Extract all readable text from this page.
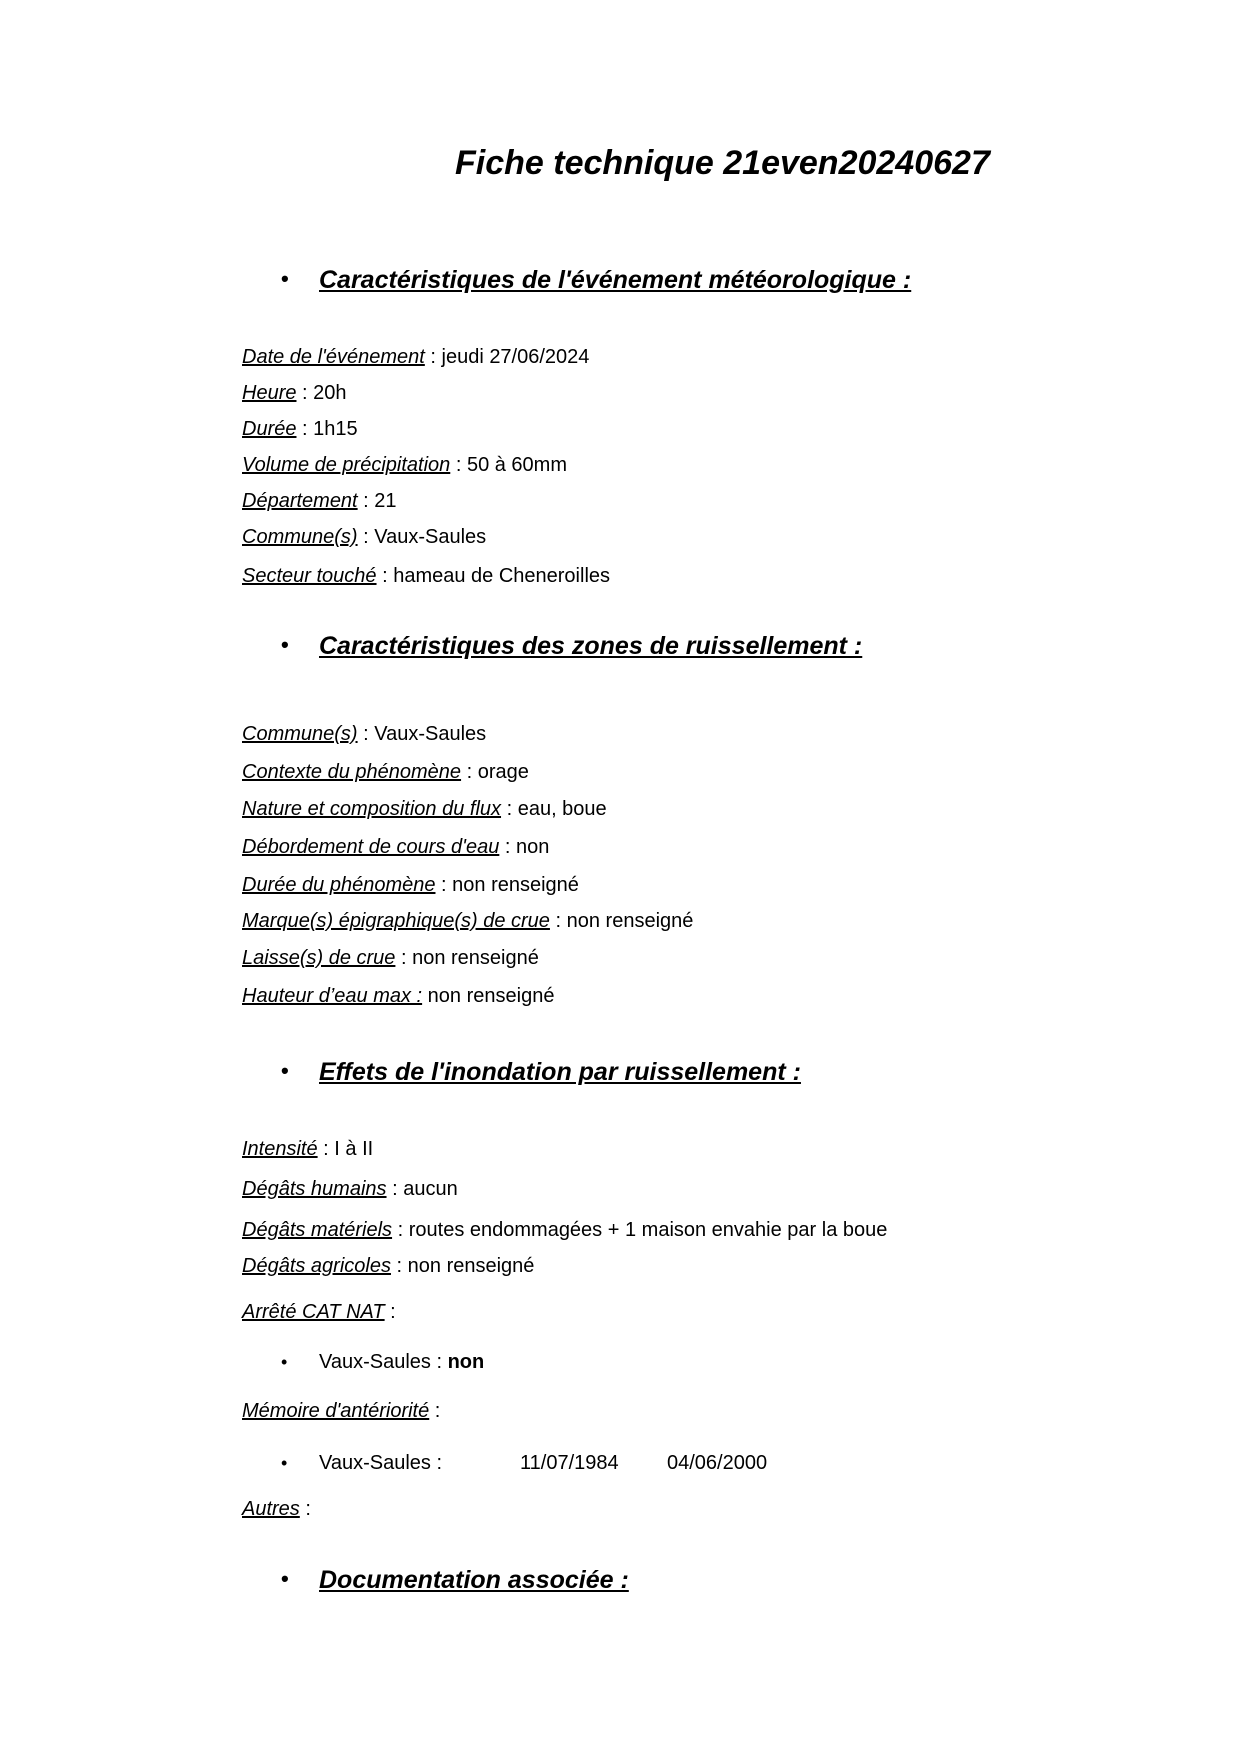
Fiche technique 21even20240627
• Caractéristiques de l'événement météorologique :
Date de l'événement : jeudi 27/06/2024
Heure : 20h
Durée : 1h15
Volume de précipitation : 50 à 60mm
Département : 21
Commune(s) : Vaux-Saules
Secteur touché : hameau de Cheneroilles
• Caractéristiques des zones de ruissellement :
Commune(s) : Vaux-Saules
Contexte du phénomène : orage
Nature et composition du flux : eau, boue
Débordement de cours d'eau : non
Durée du phénomène : non renseigné
Marque(s) épigraphique(s) de crue : non renseigné
Laisse(s) de crue : non renseigné
Hauteur d’eau max : non renseigné
• Effets de l'inondation par ruissellement :
Intensité : I à II
Dégâts humains : aucun
Dégâts matériels : routes endommagées + 1 maison envahie par la boue
Dégâts agricoles : non renseigné
Arrêté CAT NAT :
• Vaux-Saules : non
Mémoire d'antériorité :
• Vaux-Saules :	11/07/1984 04/06/2000
Autres :
• Documentation associée :
